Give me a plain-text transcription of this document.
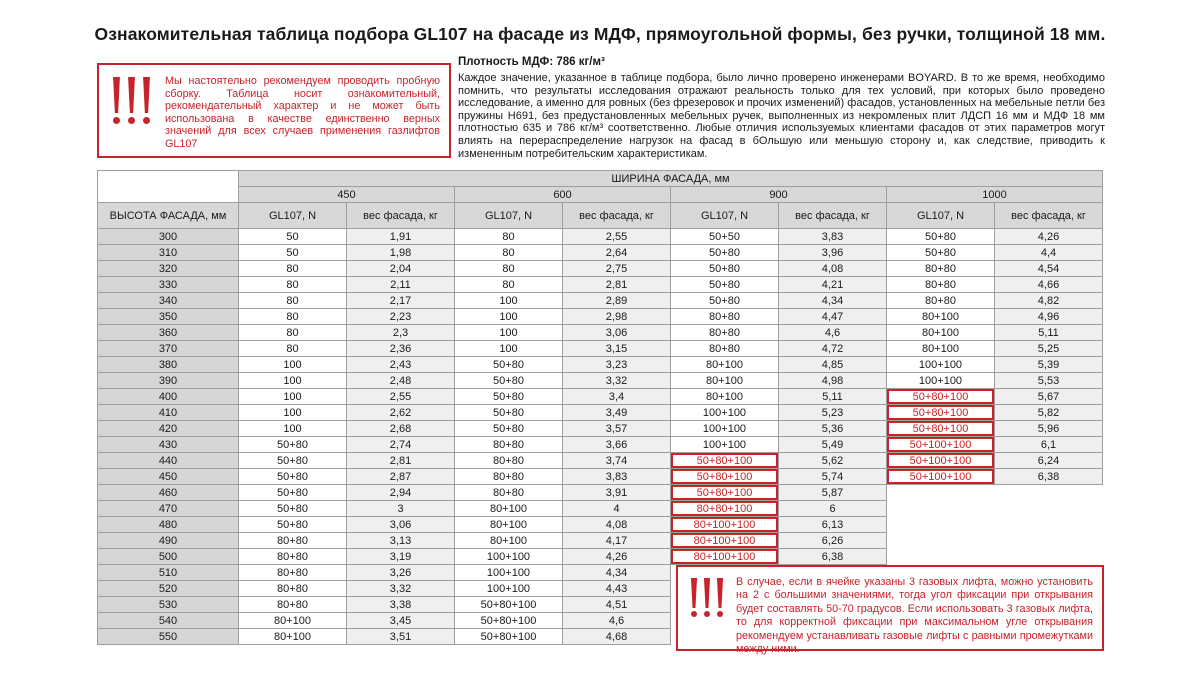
Ознакомительная таблица подбора GL107 на фасаде из МДФ, прямоугольной формы, без ручки, толщиной 18 мм.
Мы настоятельно рекомендуем проводить пробную сборку. Таблица носит ознакомительный, рекомендательный характер и не может быть использована в качестве единственно верных значений для всех случаев применения газлифтов GL107
Плотность МДФ: 786 кг/м³
Каждое значение, указанное в таблице подбора, было лично проверено инженерами BOYARD. В то же время, необходимо помнить, что результаты исследования отражают реальность только для тех условий, при которых было проведено исследование, а именно для ровных (без фрезеровок и прочих изменений) фасадов, установленных на мебельные петли без пружины H691, без предустановленных мебельных ручек, выполненных из некромленых плит ЛДСП 16 мм и МДФ 18 мм плотностью 635 и 786 кг/м³ соответственно. Любые отличия используемых клиентами фасадов от этих параметров могут влиять на перераспределение нагрузок на фасад в бОльшую или меньшую сторону и, как следствие, приводить к измененным потребительским характеристикам.
	ШИРИНА ФАСАДА, мм							
	450		600		900		1000	
ВЫСОТА ФАСАДА, мм	GL107, N	вес фасада, кг	GL107, N	вес фасада, кг	GL107, N	вес фасада, кг	GL107, N	вес фасада, кг
300	50	1,91	80	2,55	50+50	3,83	50+80	4,26
310	50	1,98	80	2,64	50+80	3,96	50+80	4,4
320	80	2,04	80	2,75	50+80	4,08	80+80	4,54
330	80	2,11	80	2,81	50+80	4,21	80+80	4,66
340	80	2,17	100	2,89	50+80	4,34	80+80	4,82
350	80	2,23	100	2,98	80+80	4,47	80+100	4,96
360	80	2,3	100	3,06	80+80	4,6	80+100	5,11
370	80	2,36	100	3,15	80+80	4,72	80+100	5,25
380	100	2,43	50+80	3,23	80+100	4,85	100+100	5,39
390	100	2,48	50+80	3,32	80+100	4,98	100+100	5,53
400	100	2,55	50+80	3,4	80+100	5,11	50+80+100	5,67
410	100	2,62	50+80	3,49	100+100	5,23	50+80+100	5,82
420	100	2,68	50+80	3,57	100+100	5,36	50+80+100	5,96
430	50+80	2,74	80+80	3,66	100+100	5,49	50+100+100	6,1
440	50+80	2,81	80+80	3,74	50+80+100	5,62	50+100+100	6,24
450	50+80	2,87	80+80	3,83	50+80+100	5,74	50+100+100	6,38
460	50+80	2,94	80+80	3,91	50+80+100	5,87		
470	50+80	3	80+100	4	80+80+100	6		
480	50+80	3,06	80+100	4,08	80+100+100	6,13		
490	80+80	3,13	80+100	4,17	80+100+100	6,26		
500	80+80	3,19	100+100	4,26	80+100+100	6,38		
510	80+80	3,26	100+100	4,34				
520	80+80	3,32	100+100	4,43				
530	80+80	3,38	50+80+100	4,51				
540	80+100	3,45	50+80+100	4,6				
550	80+100	3,51	50+80+100	4,68				
В случае, если в ячейке указаны 3 газовых лифта, можно установить на 2 с большими значениями, тогда угол фиксации при открывания будет составлять 50-70 градусов. Если использовать 3 газовых лифта, то для корректной фиксации при максимальном угле открывания рекомендуем устанавливать газовые лифты с равными промежутками между ними.
